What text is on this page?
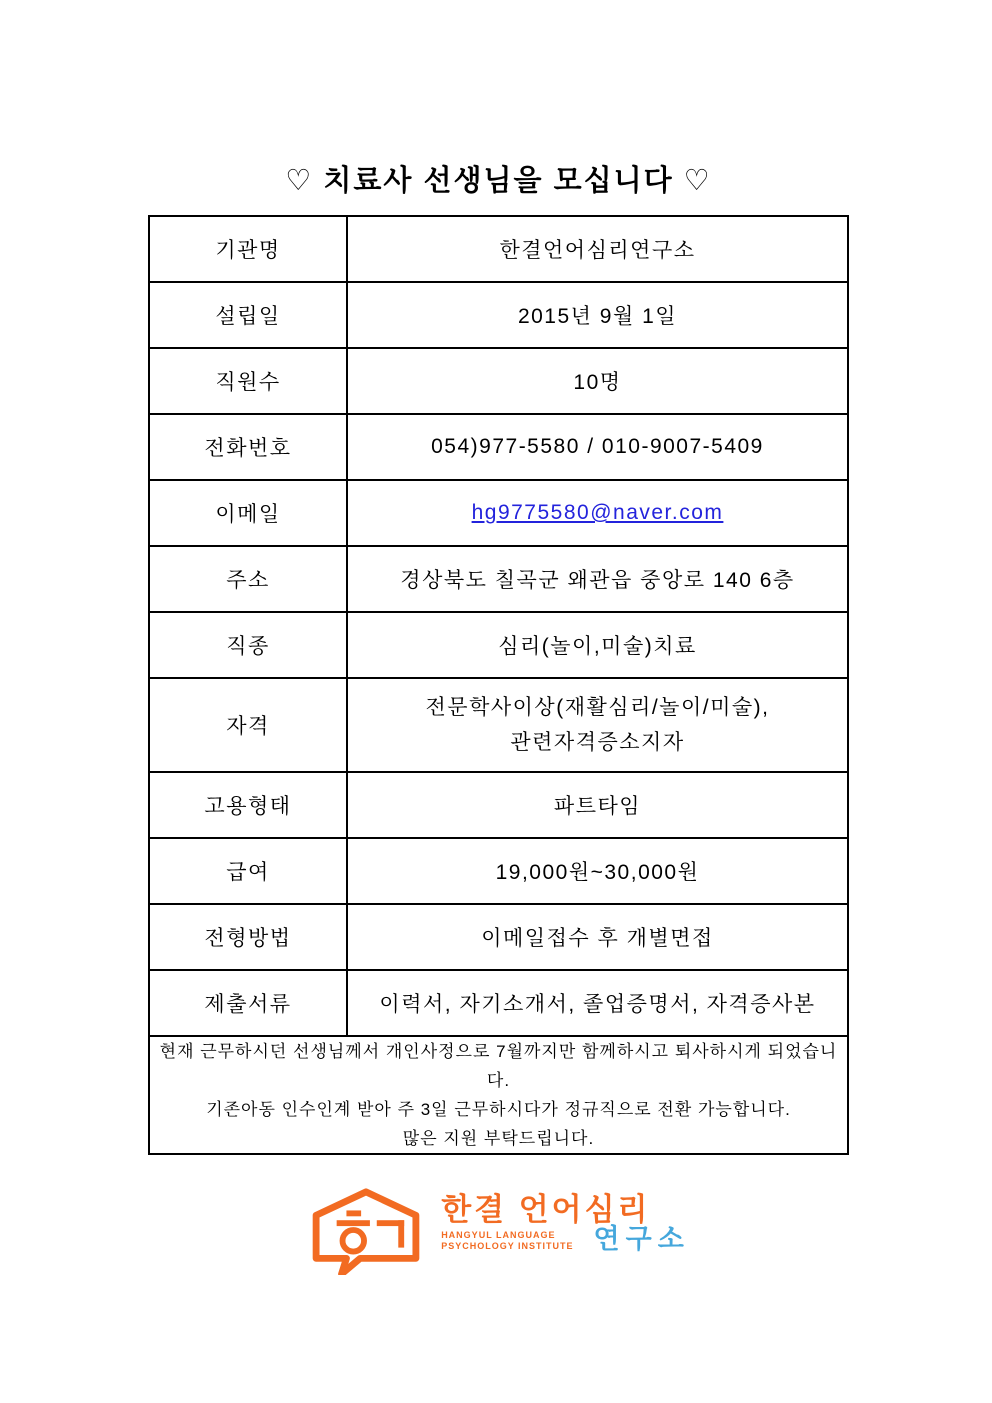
♡ 치료사 선생님을 모십니다 ♡
기관명	한결언어심리연구소
설립일	2015년 9월 1일
직원수	10명
전화번호	054)977-5580 / 010-9007-5409
이메일	hg9775580@naver.com
주소	경상북도 칠곡군 왜관읍 중앙로 140 6층
직종	심리(놀이,미술)치료
자격	전문학사이상(재활심리/놀이/미술),
관련자격증소지자

고용형태	파트타임
급여	19,000원~30,000원
전형방법	이메일접수 후 개별면접
제출서류	이력서, 자기소개서, 졸업증명서, 자격증사본

현재 근무하시던 선생님께서 개인사정으로 7월까지만 함께하시고 퇴사하시게 되었습니다.
기존아동 인수인계 받아 주 3일 근무하시다가 정규직으로 전환 가능합니다.
많은 지원 부탁드립니다.	
한결 언어심리
HANGYUL LANGUAGE
PSYCHOLOGY INSTITUTE 연구소
